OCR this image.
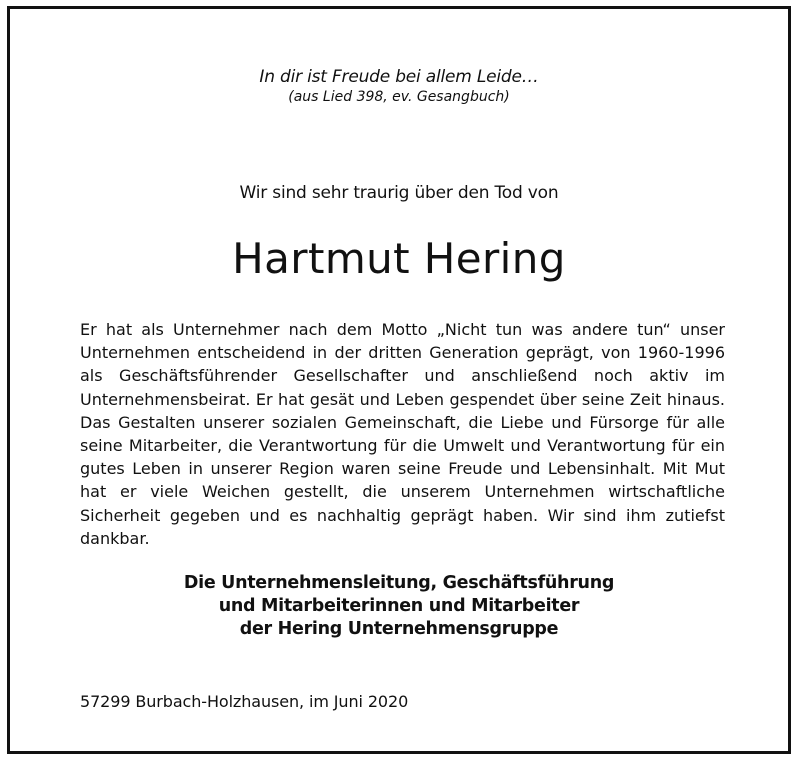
In dir ist Freude bei allem Leide…
(aus Lied 398, ev. Gesangbuch)
Wir sind sehr traurig über den Tod von
Hartmut Hering

Er hat als Unternehmer nach dem Motto „Nicht tun was andere tun“ unser Unternehmen entscheidend in der dritten Generation geprägt, von 1960-1996 als Geschäftsführender Gesellschafter und anschließend noch aktiv im Unternehmensbeirat. Er hat gesät und Leben gespendet über seine Zeit hinaus. Das Gestalten unserer sozialen Gemeinschaft, die Liebe und Fürsorge für alle seine Mitarbeiter, die Verantwortung für die Umwelt und Verantwortung für ein gutes Leben in unserer Region waren seine Freude und Lebensinhalt. Mit Mut hat er viele Weichen gestellt, die unserem Unternehmen wirtschaftliche Sicherheit gegeben und es nachhaltig geprägt haben. Wir sind ihm zutiefst dankbar.

Die Unternehmensleitung, Geschäftsführung
und Mitarbeiterinnen und Mitarbeiter
der Hering Unternehmensgruppe
57299 Burbach-Holzhausen, im Juni 2020
